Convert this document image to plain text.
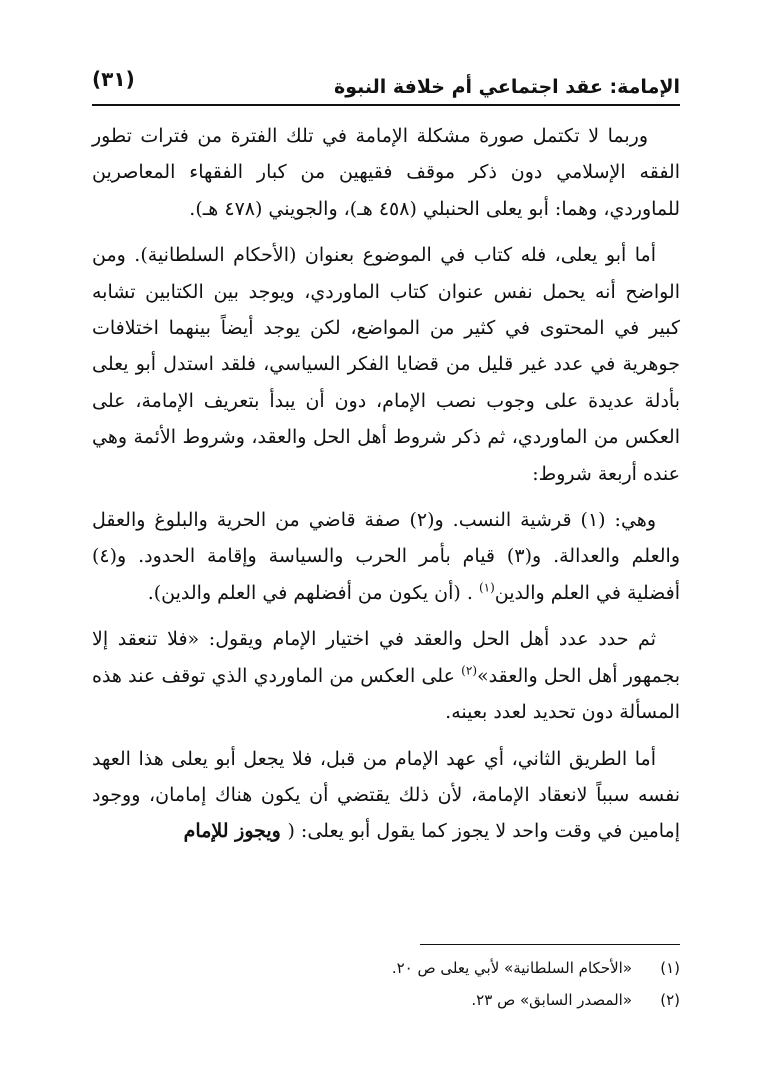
الإمامة: عقد اجتماعي أم خلافة النبوة
(٣١)

وربما لا تكتمل صورة مشكلة الإمامة في تلك الفترة من فترات تطور الفقه الإسلامي دون ذكر موقف فقيهين من كبار الفقهاء المعاصرين للماوردي، وهما: أبو يعلى الحنبلي (٤٥٨ هـ)، والجويني (٤٧٨ هـ).

أما أبو يعلى، فله كتاب في الموضوع بعنوان (الأحكام السلطانية). ومن الواضح أنه يحمل نفس عنوان كتاب الماوردي، ويوجد بين الكتابين تشابه كبير في المحتوى في كثير من المواضع، لكن يوجد أيضاً بينهما اختلافات جوهرية في عدد غير قليل من قضايا الفكر السياسي، فلقد استدل أبو يعلى بأدلة عديدة على وجوب نصب الإمام، دون أن يبدأ بتعريف الإمامة، على العكس من الماوردي، ثم ذكر شروط أهل الحل والعقد، وشروط الأئمة وهي عنده أربعة شروط:

وهي: (١) قرشية النسب. و(٢) صفة قاضي من الحرية والبلوغ والعقل والعلم والعدالة. و(٣) قيام بأمر الحرب والسياسة وإقامة الحدود. و(٤) أفضلية في العلم والدين$^{(١)}$ . (أن يكون من أفضلهم في العلم والدين).

ثم حدد عدد أهل الحل والعقد في اختيار الإمام ويقول: «فلا تنعقد إلا بجمهور أهل الحل والعقد»$^{(٢)}$ على العكس من الماوردي الذي توقف عند هذه المسألة دون تحديد لعدد بعينه.

أما الطريق الثاني، أي عهد الإمام من قبل، فلا يجعل أبو يعلى هذا العهد نفسه سبباً لانعقاد الإمامة، لأن ذلك يقتضي أن يكون هناك إمامان، ووجود إمامين في وقت واحد لا يجوز كما يقول أبو يعلى: ( ويجوز للإمام

(١)
«الأحكام السلطانية» لأبي يعلى ص ٢٠.
(٢)
«المصدر السابق» ص ٢٣.
